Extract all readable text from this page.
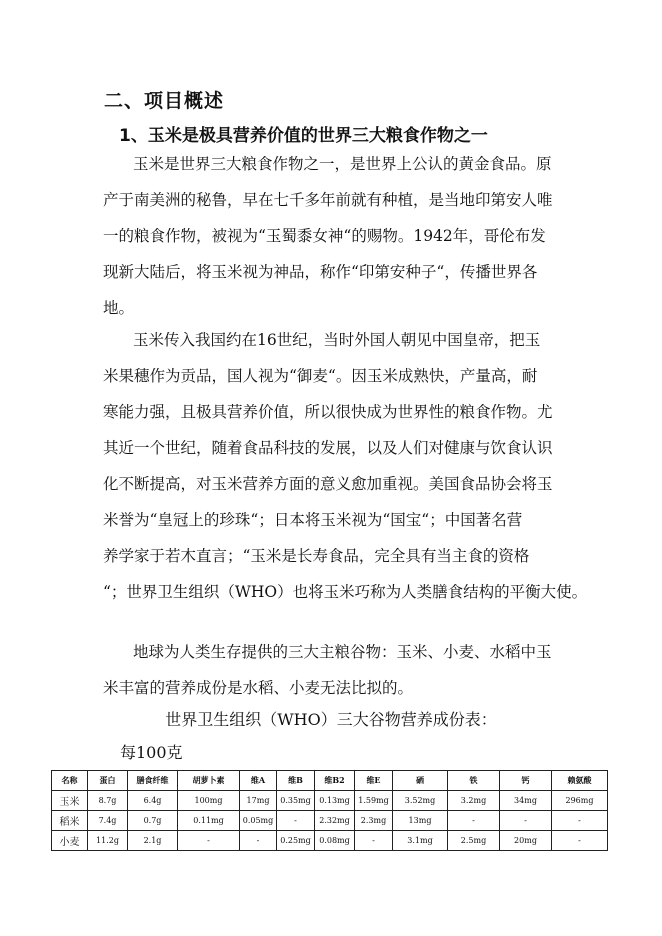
二、项目概述
1、玉米是极具营养价值的世界三大粮食作物之一
玉米是世界三大粮食作物之一，是世界上公认的黄金食品。原
产于南美洲的秘鲁，早在七千多年前就有种植，是当地印第安人唯
一的粮食作物，被视为“玉蜀黍女神“的赐物。1942年，哥伦布发
现新大陆后，将玉米视为神品，称作“印第安种子“，传播世界各
地。
玉米传入我国约在16世纪，当时外国人朝见中国皇帝，把玉
米果穗作为贡品，国人视为“御麦“。因玉米成熟快，产量高，耐
寒能力强，且极具营养价值，所以很快成为世界性的粮食作物。尤
其近一个世纪，随着食品科技的发展，以及人们对健康与饮食认识
化不断提高，对玉米营养方面的意义愈加重视。美国食品协会将玉
米誉为“皇冠上的珍珠“；日本将玉米视为“国宝“；中国著名营
养学家于若木直言；“玉米是长寿食品，完全具有当主食的资格
“；世界卫生组织（WHO）也将玉米巧称为人类膳食结构的平衡大使。
地球为人类生存提供的三大主粮谷物：玉米、小麦、水稻中玉
米丰富的营养成份是水稻、小麦无法比拟的。
世界卫生组织（WHO）三大谷物营养成份表：
每100克
名称	蛋白	膳食纤维	胡萝卜素	维A	维B	维B2	维E	硒	铁	钙	赖氨酸
玉米	8.7g	6.4g	100mg	17mg	0.35mg	0.13mg	1.59mg	3.52mg	3.2mg	34mg	296mg
稻米	7.4g	0.7g	0.11mg	0.05mg	-	2.32mg	2.3mg	13mg	-	-	-
小麦	11.2g	2.1g	-	-	0.25mg	0.08mg	-	3.1mg	2.5mg	20mg	-
